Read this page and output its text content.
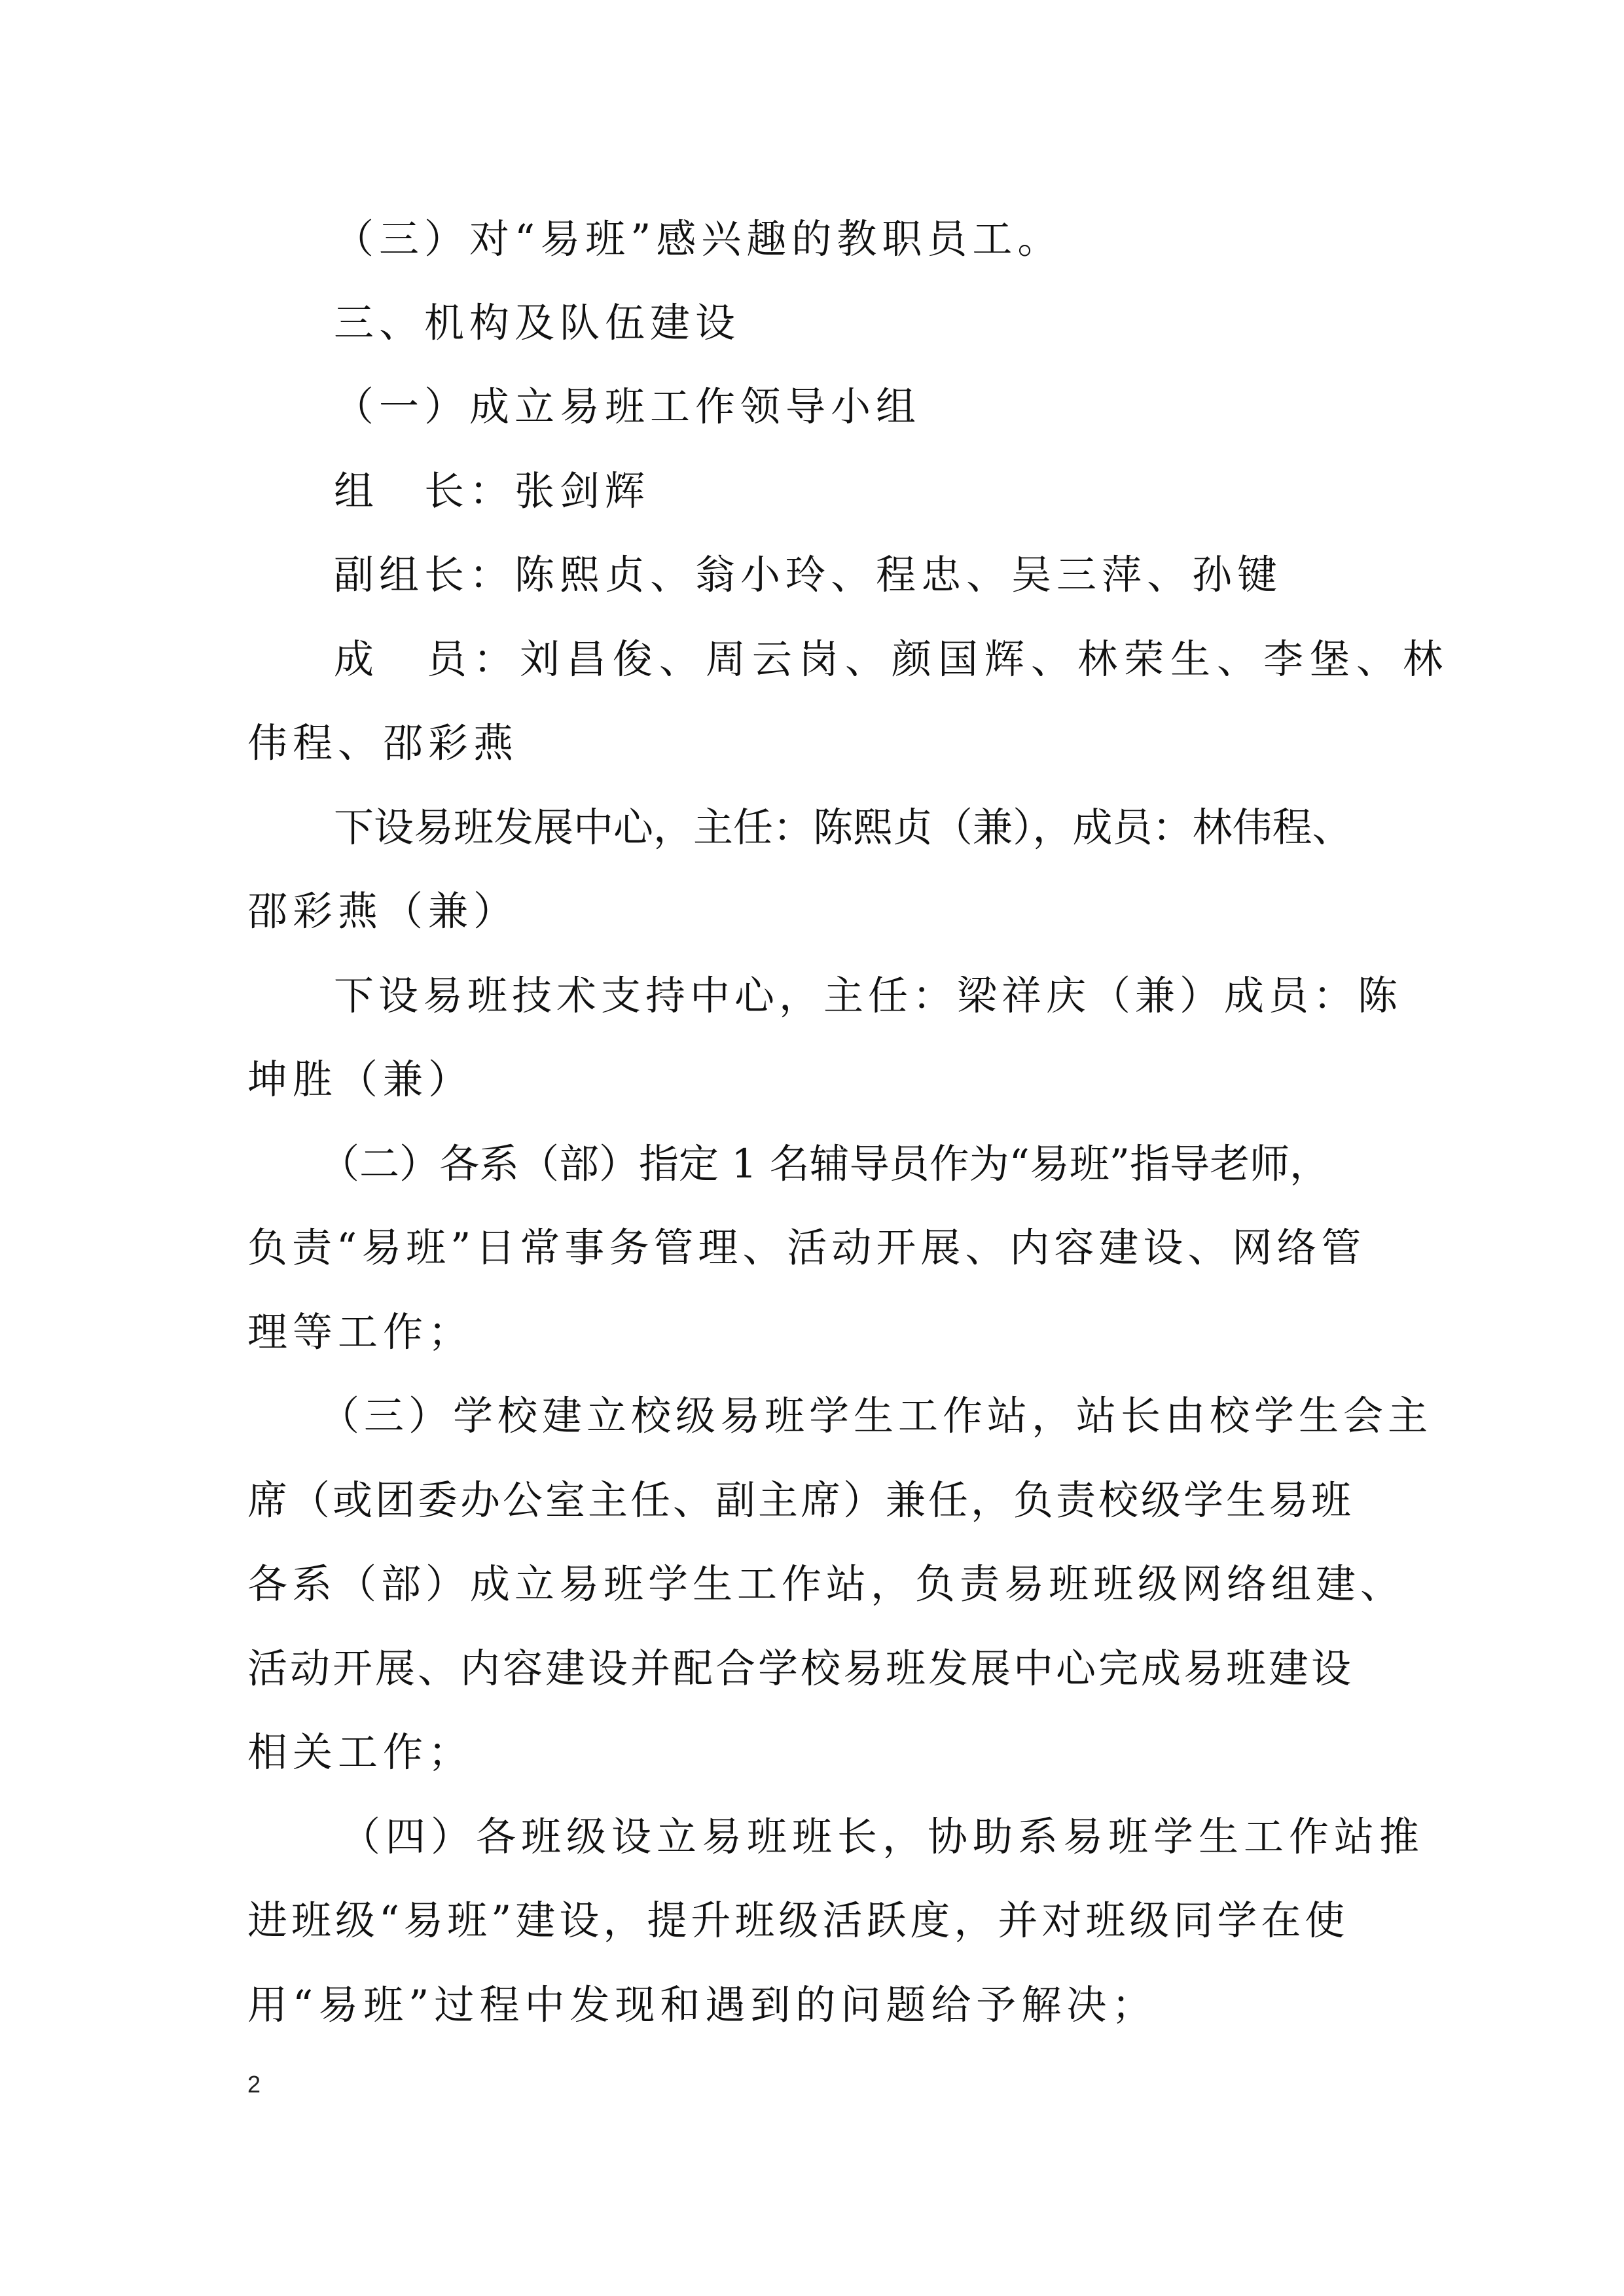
（三）对“易班”感兴趣的教职员工。

三、机构及队伍建设

（一）成立易班工作领导小组

组　长：张剑辉

副组长：陈熙贞、翁小玲、程忠、吴三萍、孙键

成　员：刘昌俊、周云岗、颜国辉、林荣生、李堡、林

伟程、邵彩燕

下设易班发展中心，主任：陈熙贞（兼），成员：林伟程、

邵彩燕（兼）

下设易班技术支持中心，主任：梁祥庆（兼）成员：陈

坤胜（兼）

（二）各系（部）指定 1 名辅导员作为“易班”指导老师，

负责“易班”日常事务管理、活动开展、内容建设、网络管

理等工作；

（三）学校建立校级易班学生工作站，站长由校学生会主

席（或团委办公室主任、副主席）兼任，负责校级学生易班

各系（部）成立易班学生工作站，负责易班班级网络组建、

活动开展、内容建设并配合学校易班发展中心完成易班建设

相关工作；

（四）各班级设立易班班长，协助系易班学生工作站推

进班级“易班”建设，提升班级活跃度，并对班级同学在使

用“易班”过程中发现和遇到的问题给予解决；

2
